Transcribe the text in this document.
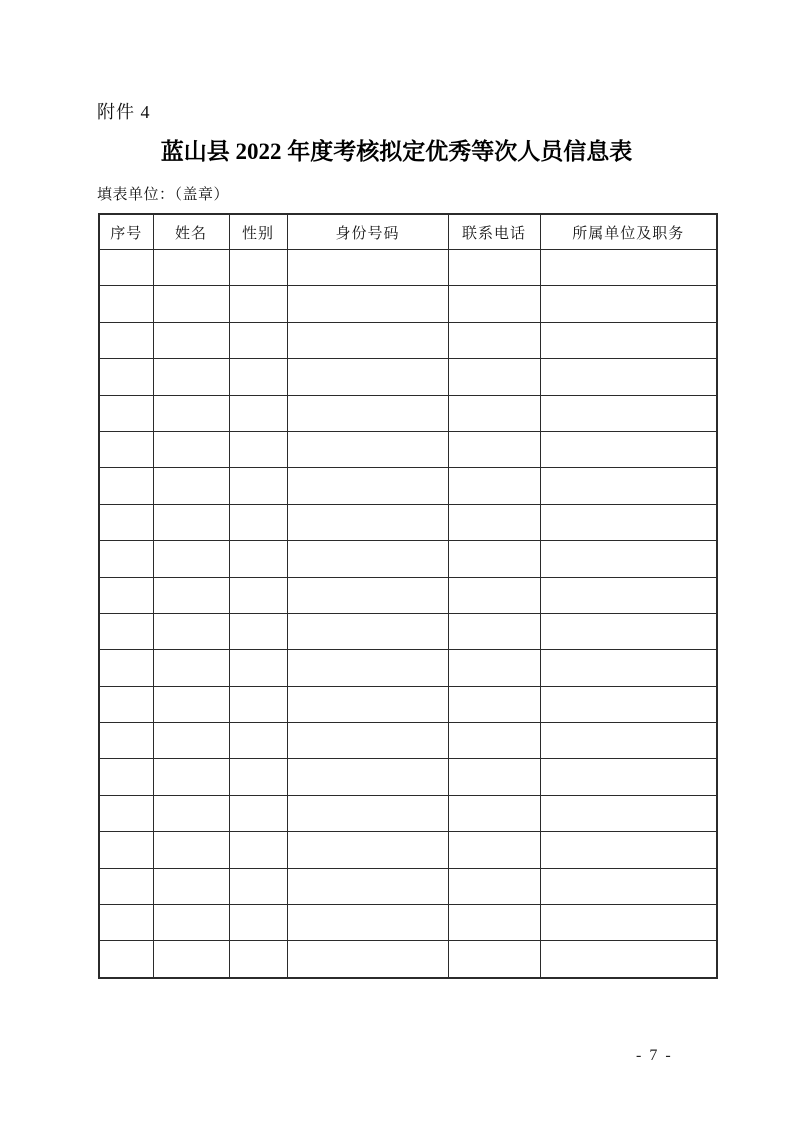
附件 4
蓝山县 2022 年度考核拟定优秀等次人员信息表
填表单位：（盖章）
序号	姓名	性别	身份号码	联系电话	所属单位及职务

- 7 -
